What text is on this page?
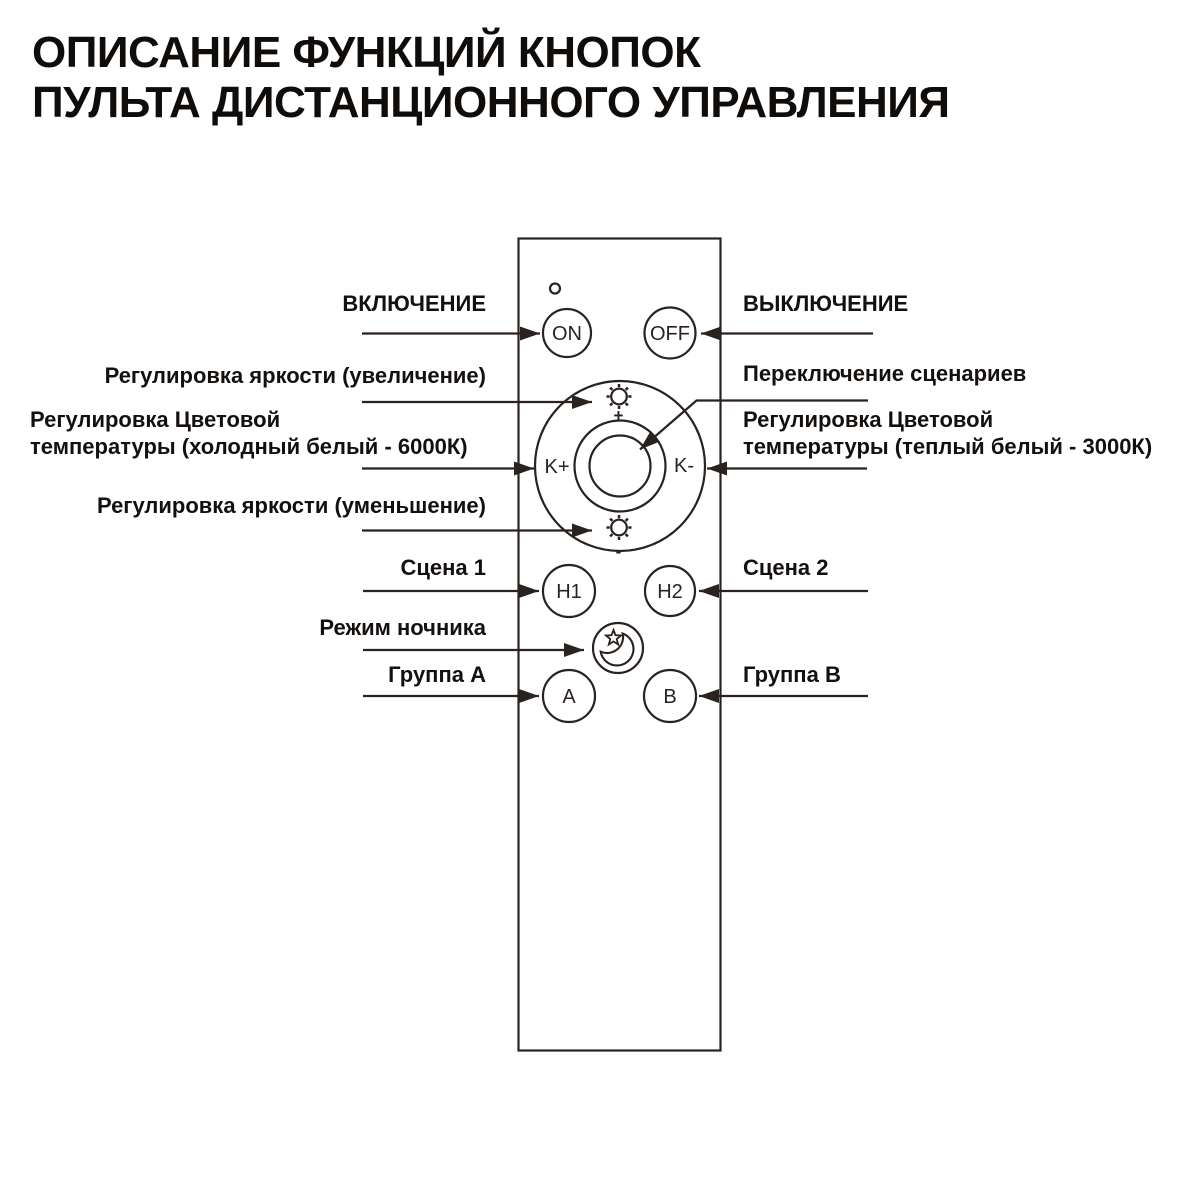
ОПИСАНИЕ ФУНКЦИЙ КНОПОК
ПУЛЬТА ДИСТАНЦИОННОГО УПРАВЛЕНИЯ
ON	OFF
K+	K-
+
-
H1	H2
A	B
ВКЛЮЧЕНИЕ
Регулировка яркости (увеличение)
Регулировка Цветовой
температуры (холодный белый - 6000К)
Регулировка яркости (уменьшение)
Сцена 1
Режим ночника
Группа А
ВЫКЛЮЧЕНИЕ
Переключение сценариев
Регулировка Цветовой
температуры (теплый белый - 3000К)
Сцена 2
Группа В
